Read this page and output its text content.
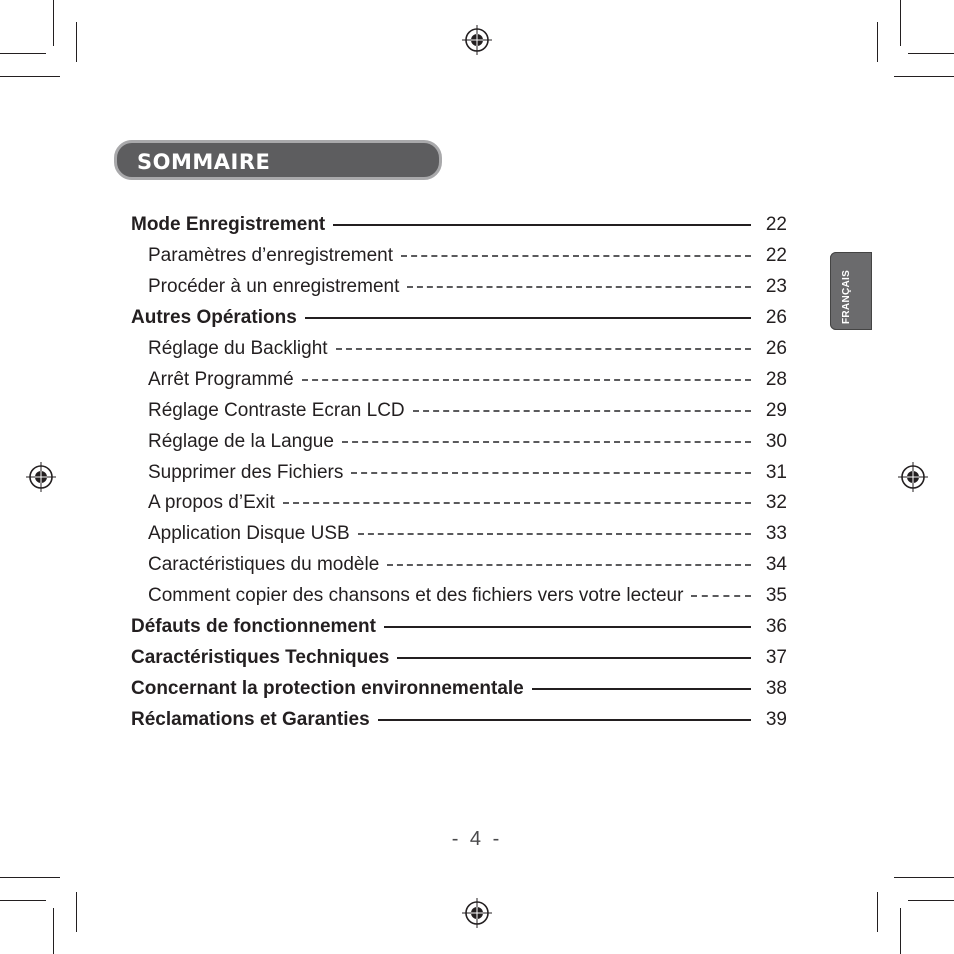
SOMMAIRE
FRANÇAIS
Mode Enregistrement	22
Paramètres d’enregistrement	22
Procéder à un enregistrement	23
Autres Opérations	26
Réglage du Backlight	26
Arrêt Programmé	28
Réglage Contraste Ecran LCD	29
Réglage de la Langue	30
Supprimer des Fichiers	31
A propos d’Exit	32
Application Disque USB	33
Caractéristiques du modèle	34
Comment copier des chansons et des fichiers vers votre lecteur	35
Défauts de fonctionnement	36
Caractéristiques Techniques	37
Concernant la protection environnementale	38
Réclamations et Garanties	39
- 4 -
